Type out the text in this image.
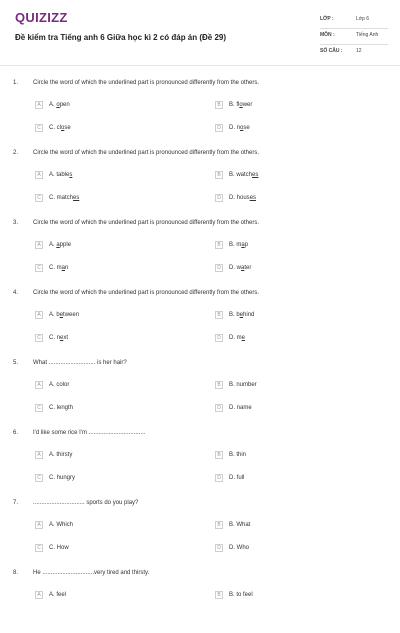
QUIZIZZ
Đề kiểm tra Tiếng anh 6 Giữa học kì 2 có đáp án (Đề 29)
LỚP :	Lớp 6
MÔN :	Tiếng Anh
SỐ CÂU :	12
1. Circle the word of which the underlined part is pronounced differently from the others.
A	A. open	B	B. flower
C	C. close	D	D. nose
2. Circle the word of which the underlined part is pronounced differently from the others.
A	A. tables	B	B. watches
C	C. matches	D	D. houses
3. Circle the word of which the underlined part is pronounced differently from the others.
A	A. apple	B	B. map
C	C. man	D	D. water
4. Circle the word of which the underlined part is pronounced differently from the others.
A	A. between	B	B. behind
C	C. next	D	D. me
5. What ............................ is her hair?
A	A. color	B	B. number
C	C. length	D	D. name
6. I'd like some rice I'm ..................................
A	A. thirsty	B	B. thin
C	C. hungry	D	D. full
7. ............................... sports do you play?
A	A. Which	B	B. What
C	C. How	D	D. Who
8. He ...............................very tired and thirsty.
A	A. feel	B	B. to feel
